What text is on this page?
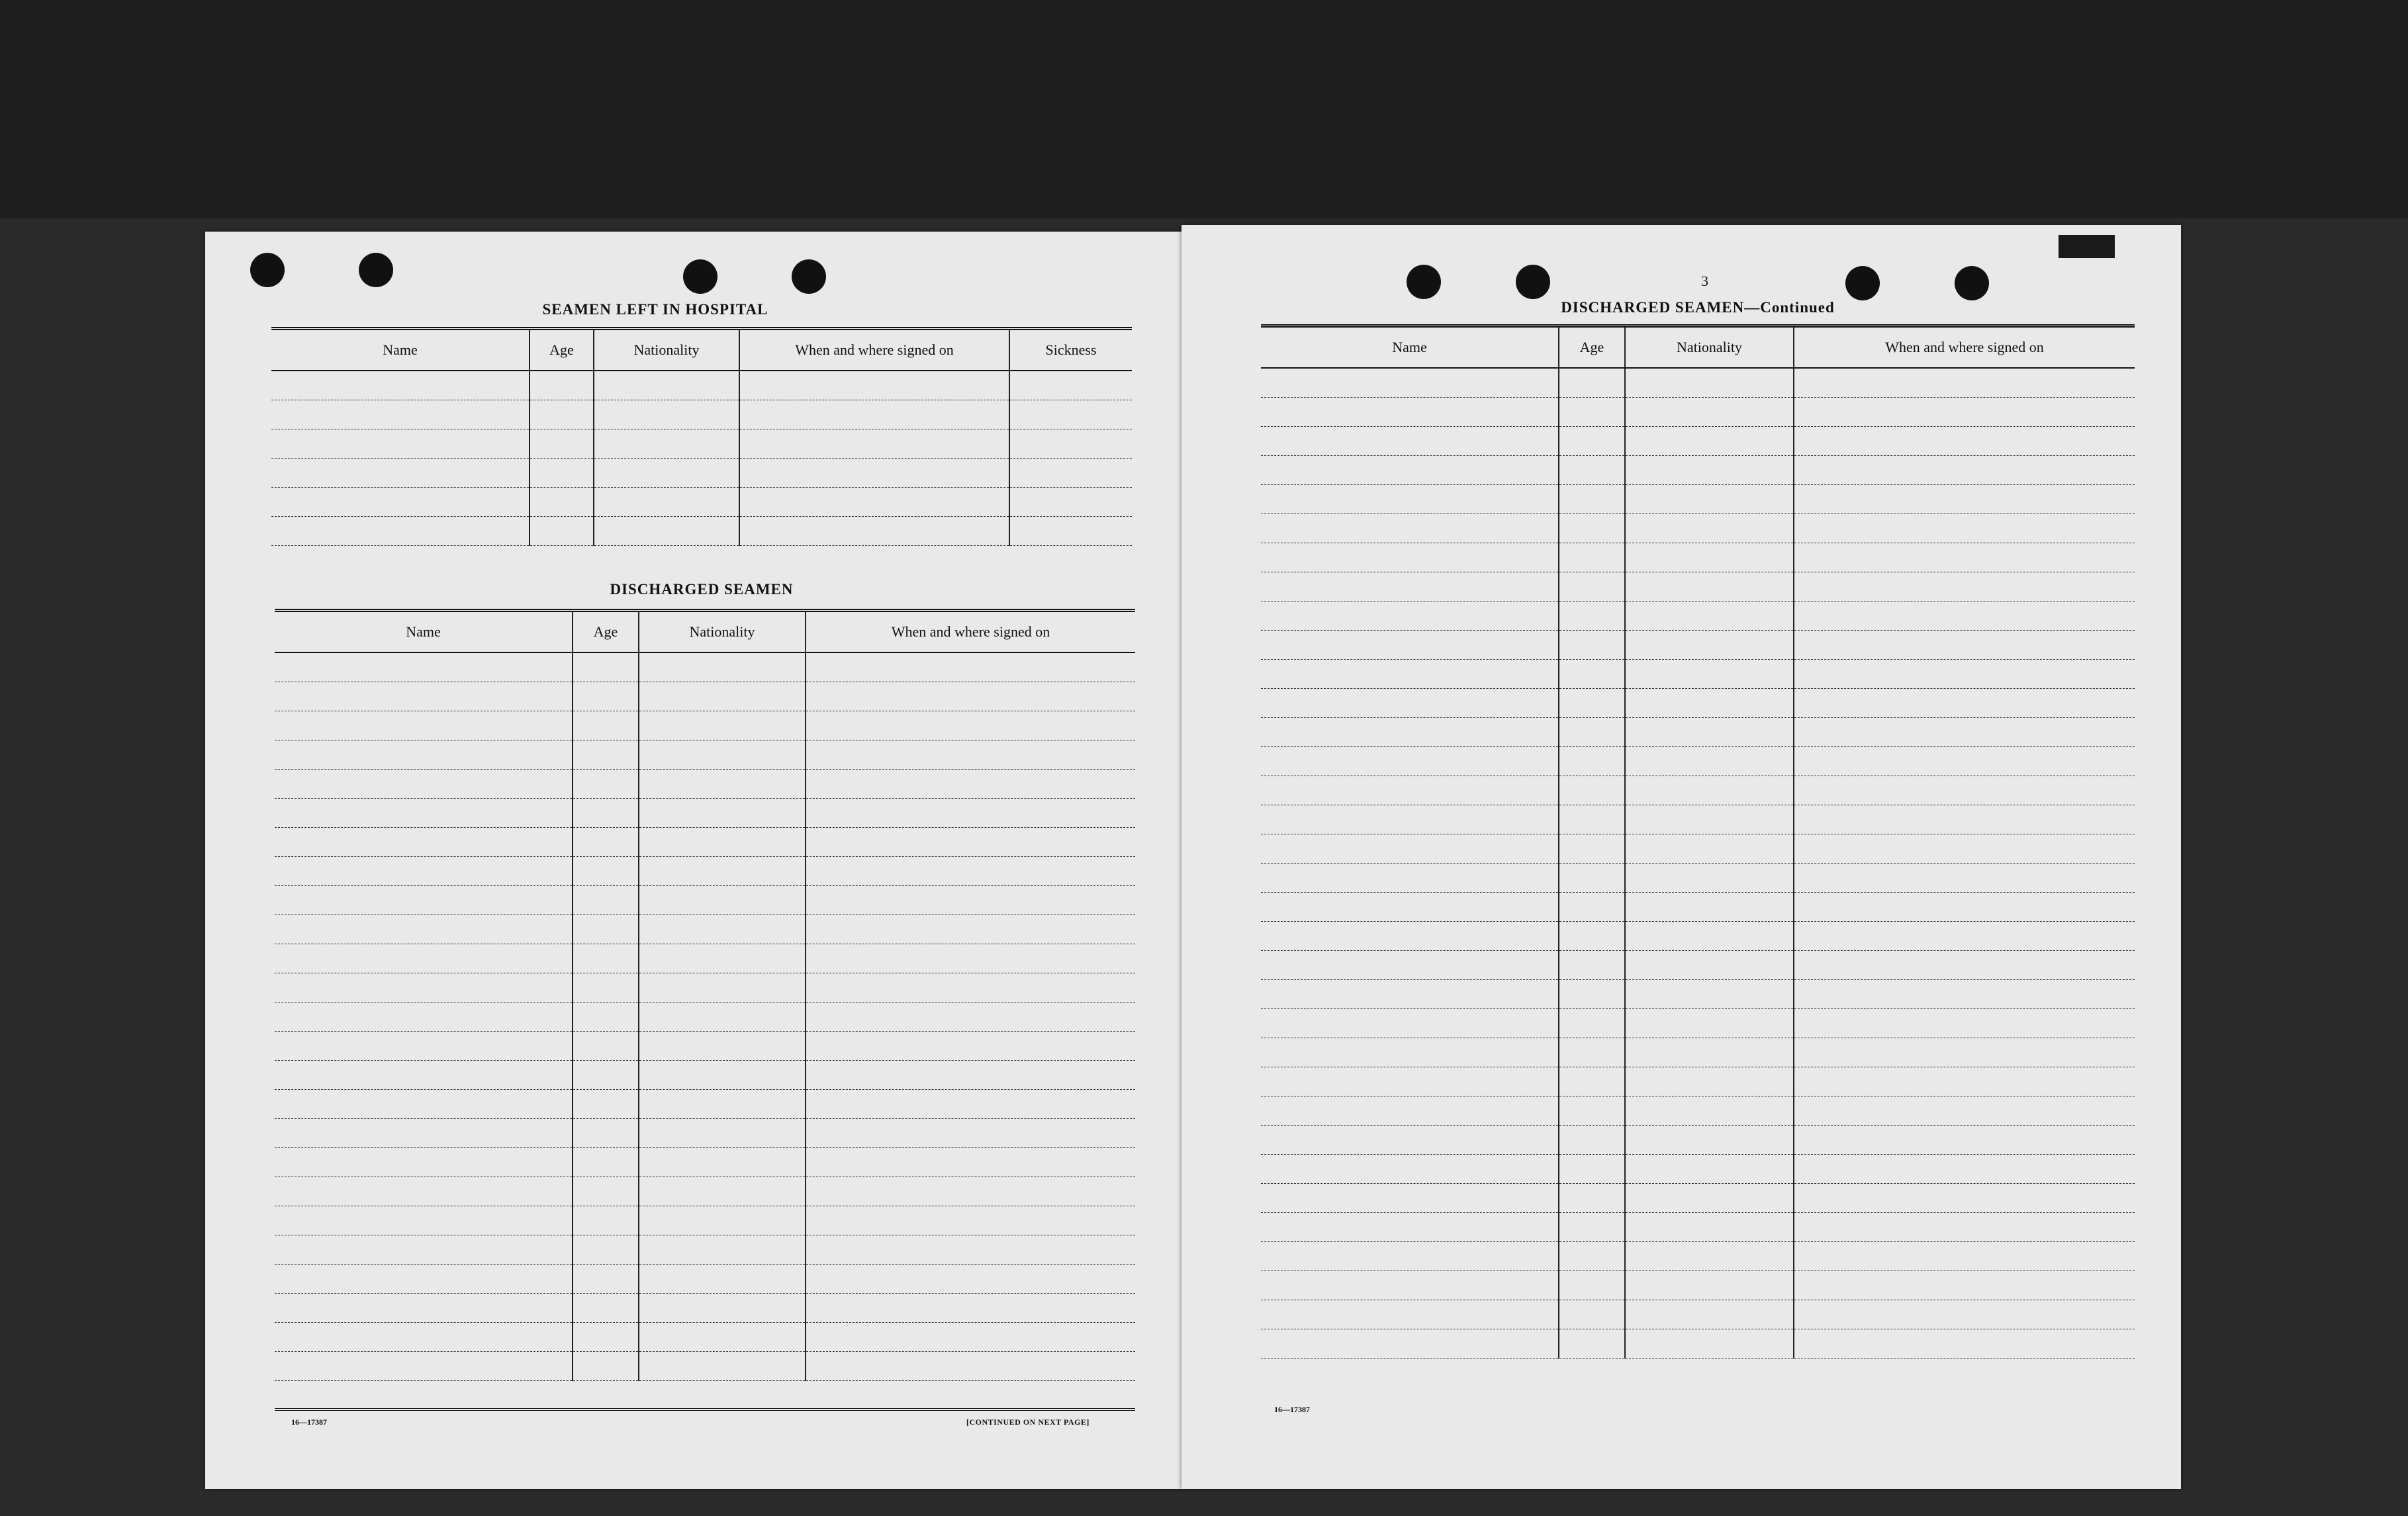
SEAMEN LEFT IN HOSPITAL
Name	Age	Nationality	When and where signed on	Sickness

DISCHARGED SEAMEN
Name	Age	Nationality	When and where signed on

16—17387	[CONTINUED ON NEXT PAGE]
3
DISCHARGED SEAMEN—Continued
Name	Age	Nationality	When and where signed on

16—17387
